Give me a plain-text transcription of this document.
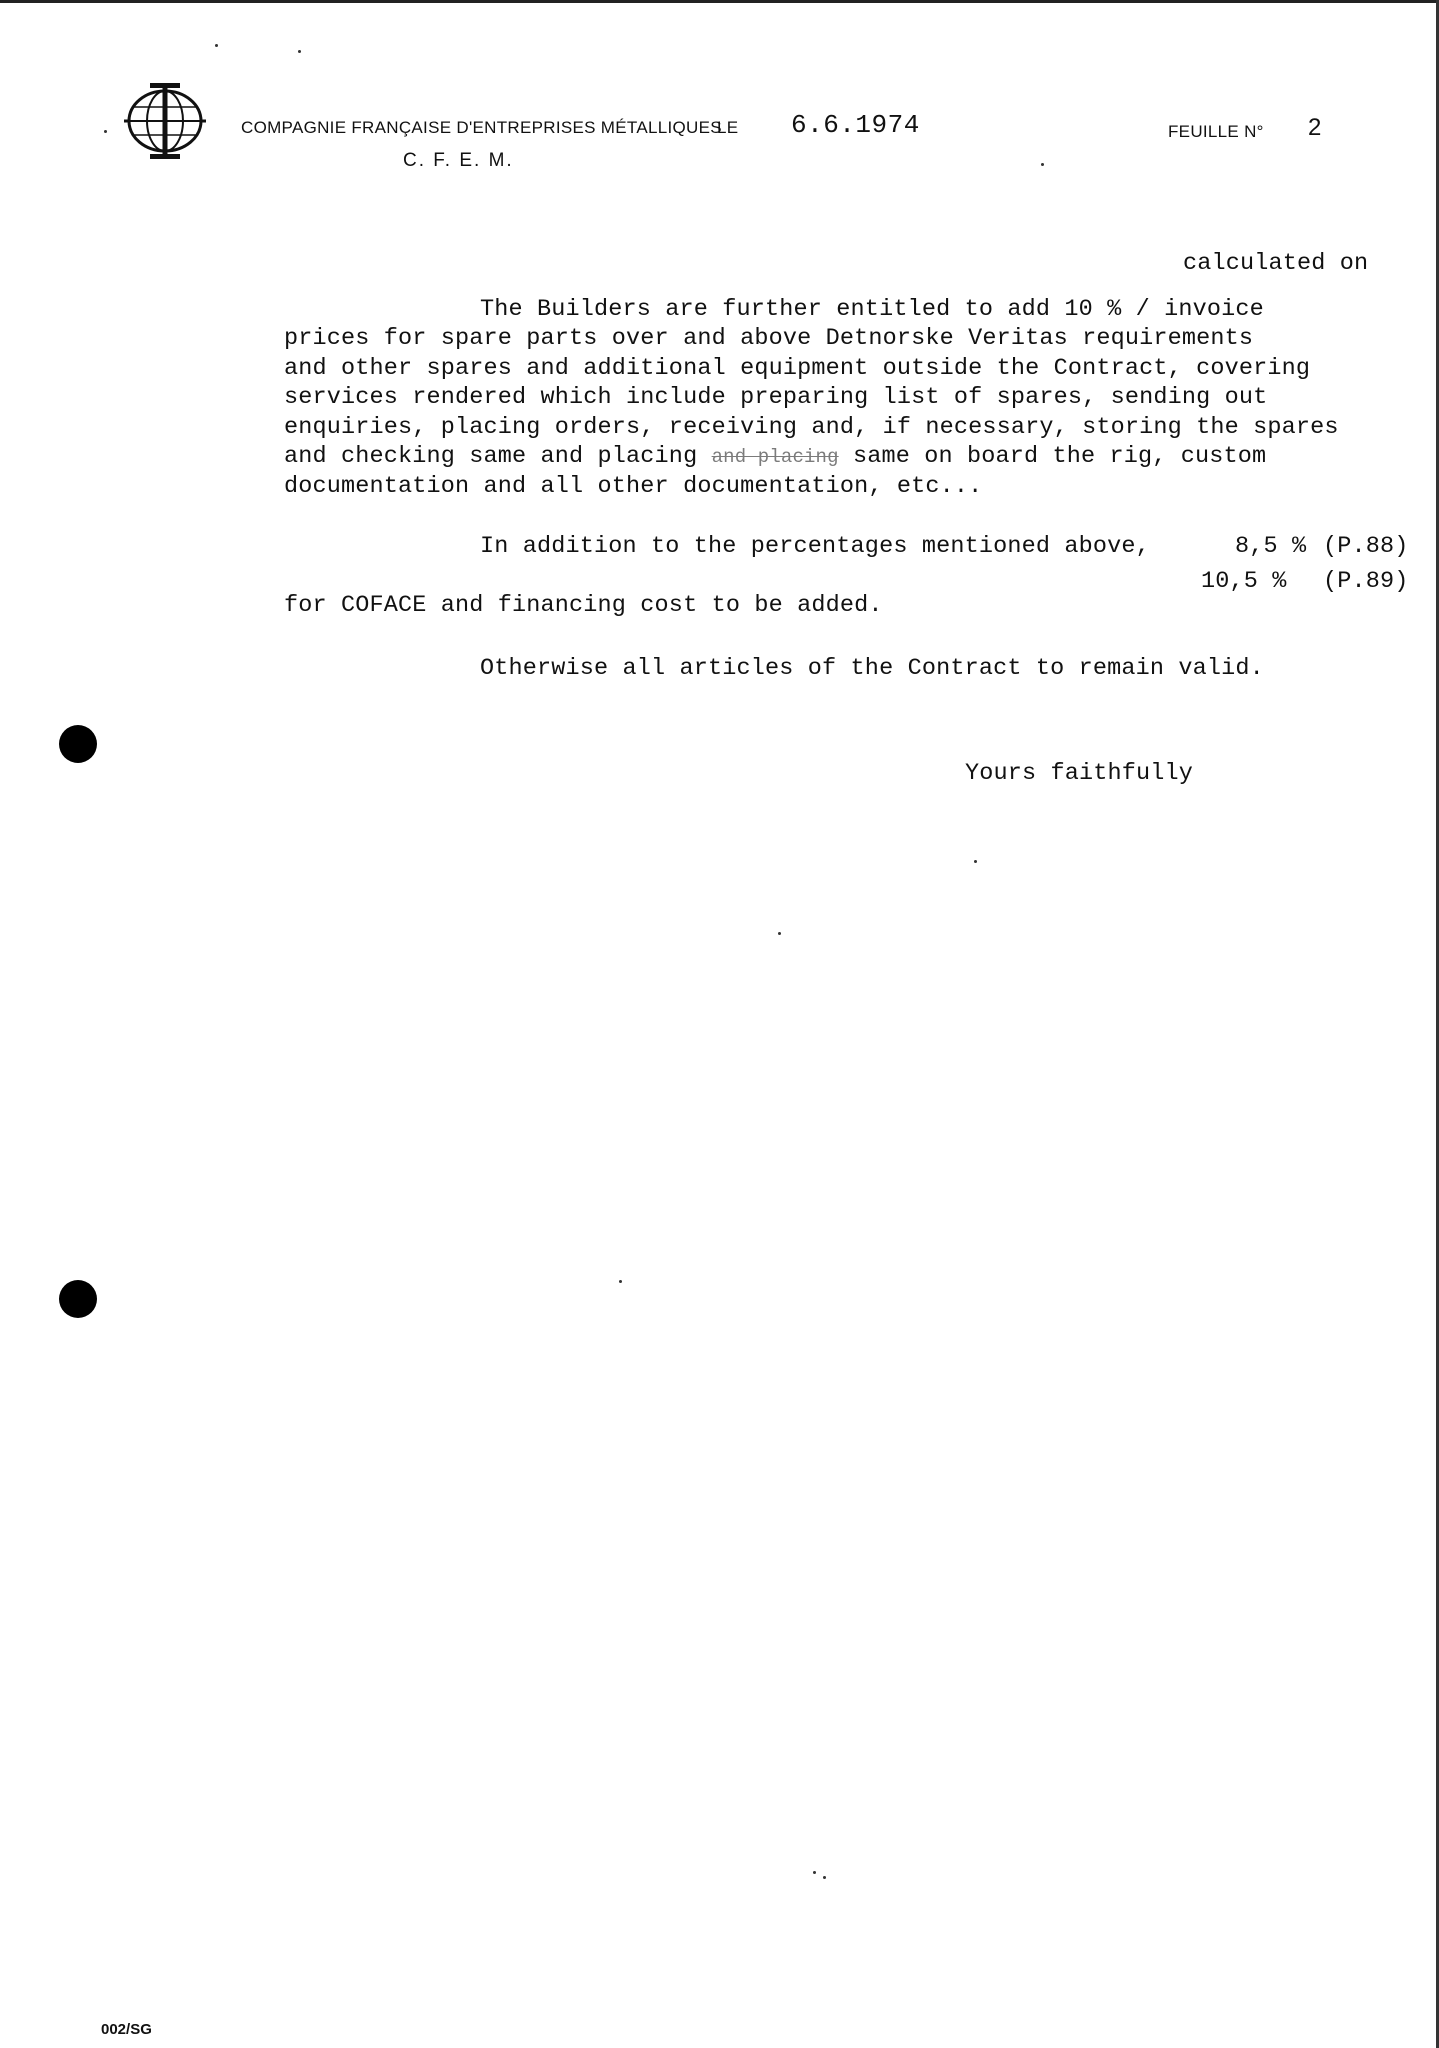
COMPAGNIE FRANÇAISE D'ENTREPRISES MÉTALLIQUES
C. F. E. M.
LE 6.6.1974	FEUILLE N° 2
calculated on
The Builders are further entitled to add 10 % / invoice
prices for spare parts over and above Detnorske Veritas requirements
and other spares and additional equipment outside the Contract, covering
services rendered which include preparing list of spares, sending out
enquiries, placing orders, receiving and, if necessary, storing the spares
and checking same and placing and placing same on board the rig, custom
documentation and all other documentation, etc...
In addition to the percentages mentioned above,	8,5 % (P.88)
10,5 % (P.89)
for COFACE and financing cost to be added.
Otherwise all articles of the Contract to remain valid.
Yours faithfully
002/SG
